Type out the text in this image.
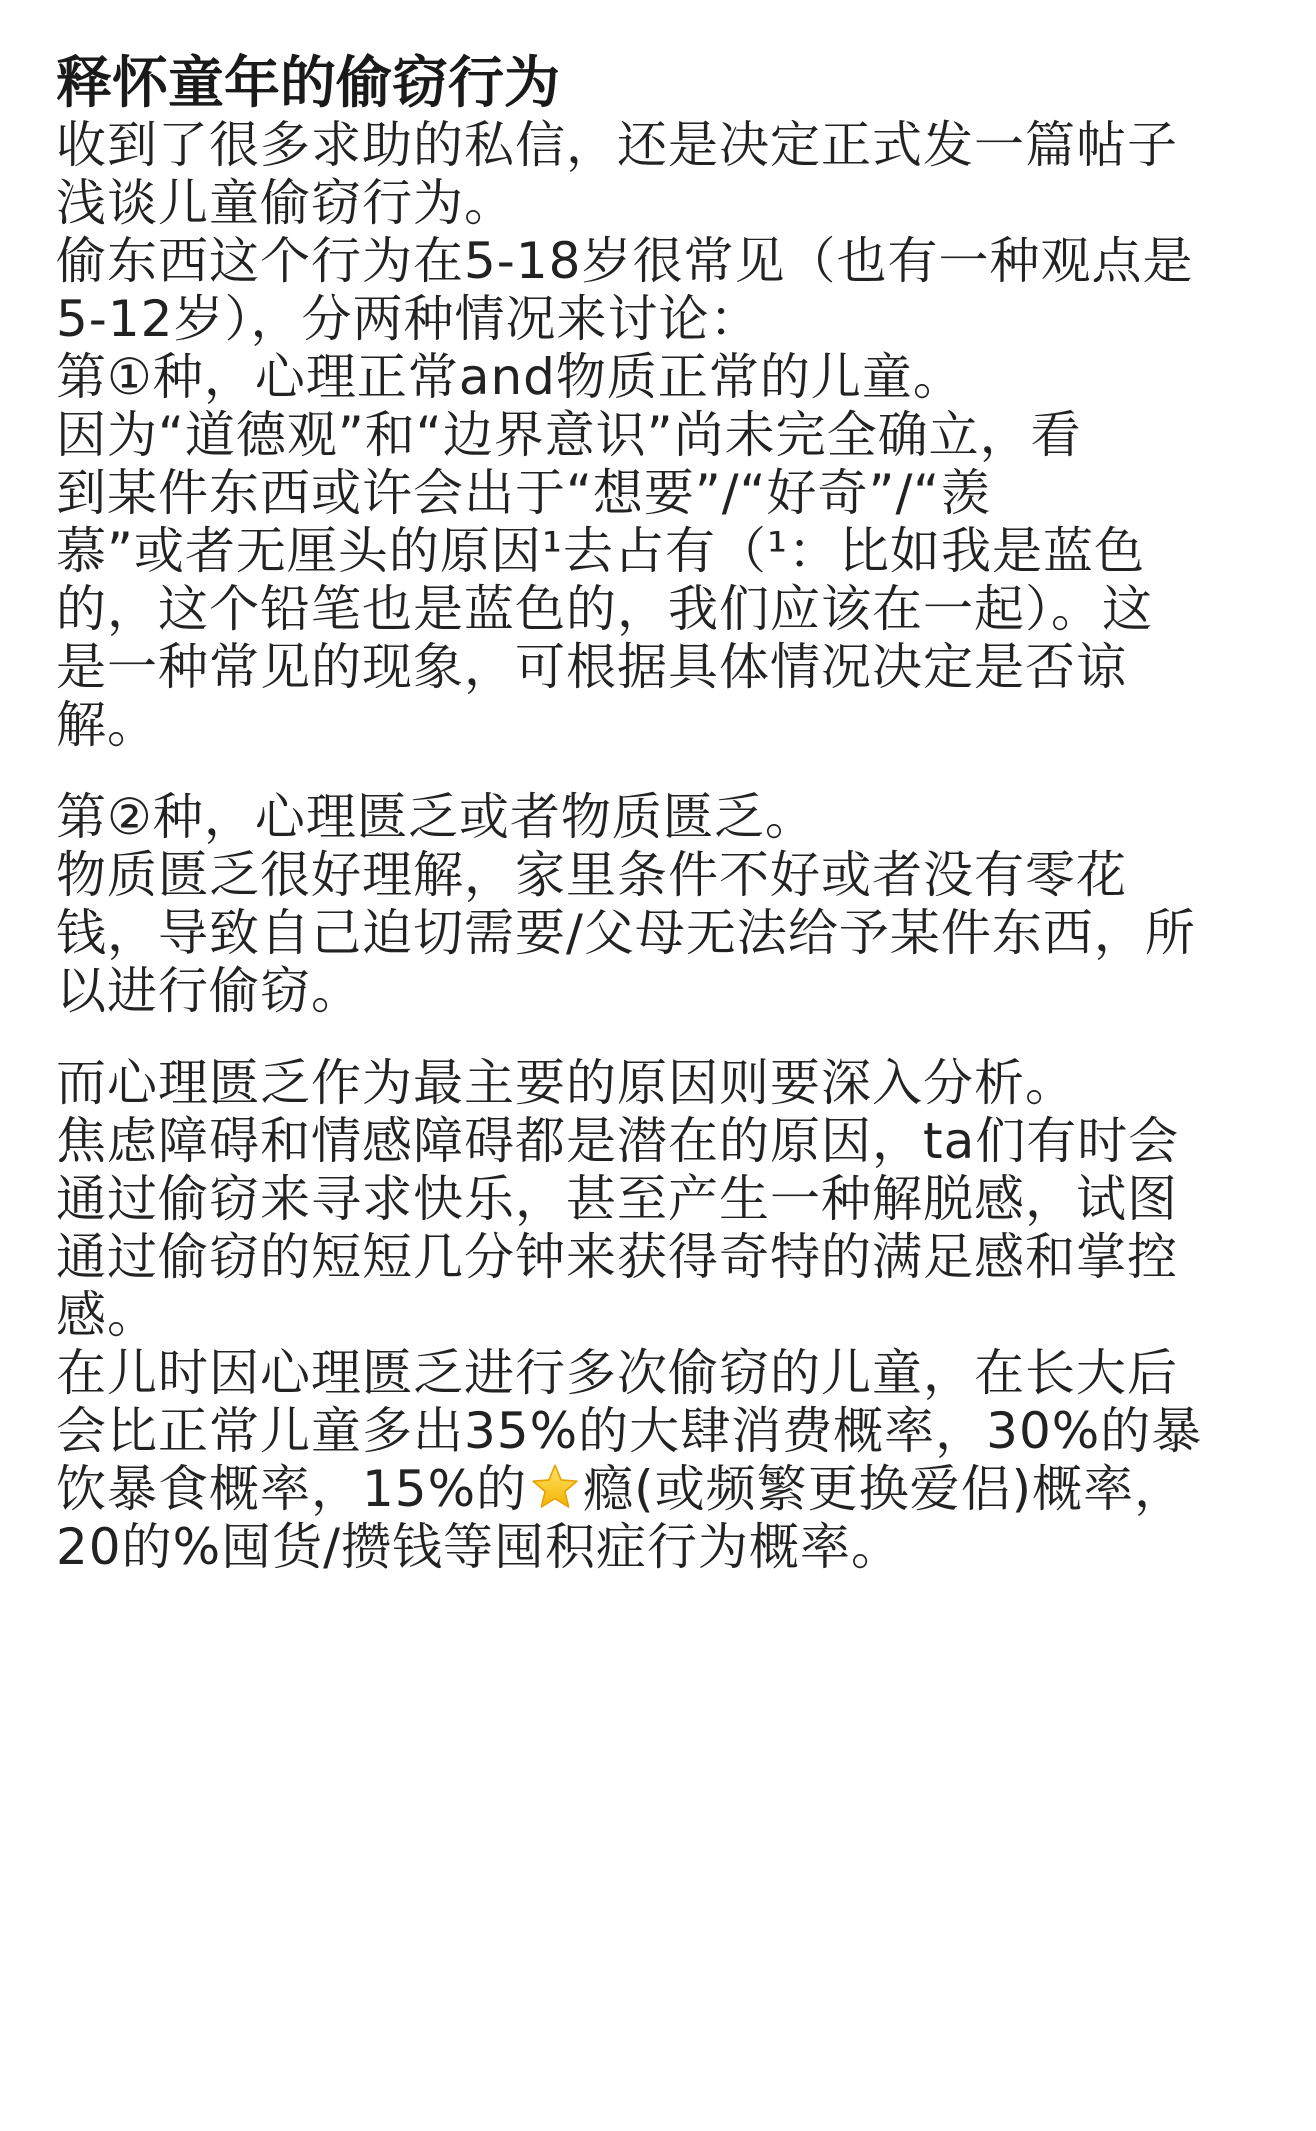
释怀童年的偷窃行为
收到了很多求助的私信，还是决定正式发一篇帖子
浅谈儿童偷窃行为。
偷东西这个行为在5-18岁很常见（也有一种观点是
5-12岁），分两种情况来讨论：
第①种，心理正常and物质正常的儿童。
因为“道德观”和“边界意识”尚未完全确立，看
到某件东西或许会出于“想要”/“好奇”/“羡
慕”或者无厘头的原因¹去占有（¹：比如我是蓝色
的，这个铅笔也是蓝色的，我们应该在一起）。这
是一种常见的现象，可根据具体情况决定是否谅
解。
第②种，心理匮乏或者物质匮乏。
物质匮乏很好理解，家里条件不好或者没有零花
钱，导致自己迫切需要/父母无法给予某件东西，所
以进行偷窃。
而心理匮乏作为最主要的原因则要深入分析。
焦虑障碍和情感障碍都是潜在的原因，ta们有时会
通过偷窃来寻求快乐，甚至产生一种解脱感，试图
通过偷窃的短短几分钟来获得奇特的满足感和掌控
感。
在儿时因心理匮乏进行多次偷窃的儿童，在长大后
会比正常儿童多出35%的大肆消费概率，30%的暴
饮暴食概率，15%的 瘾(或频繁更换爱侣)概率，
20的%囤货/攒钱等囤积症行为概率。
